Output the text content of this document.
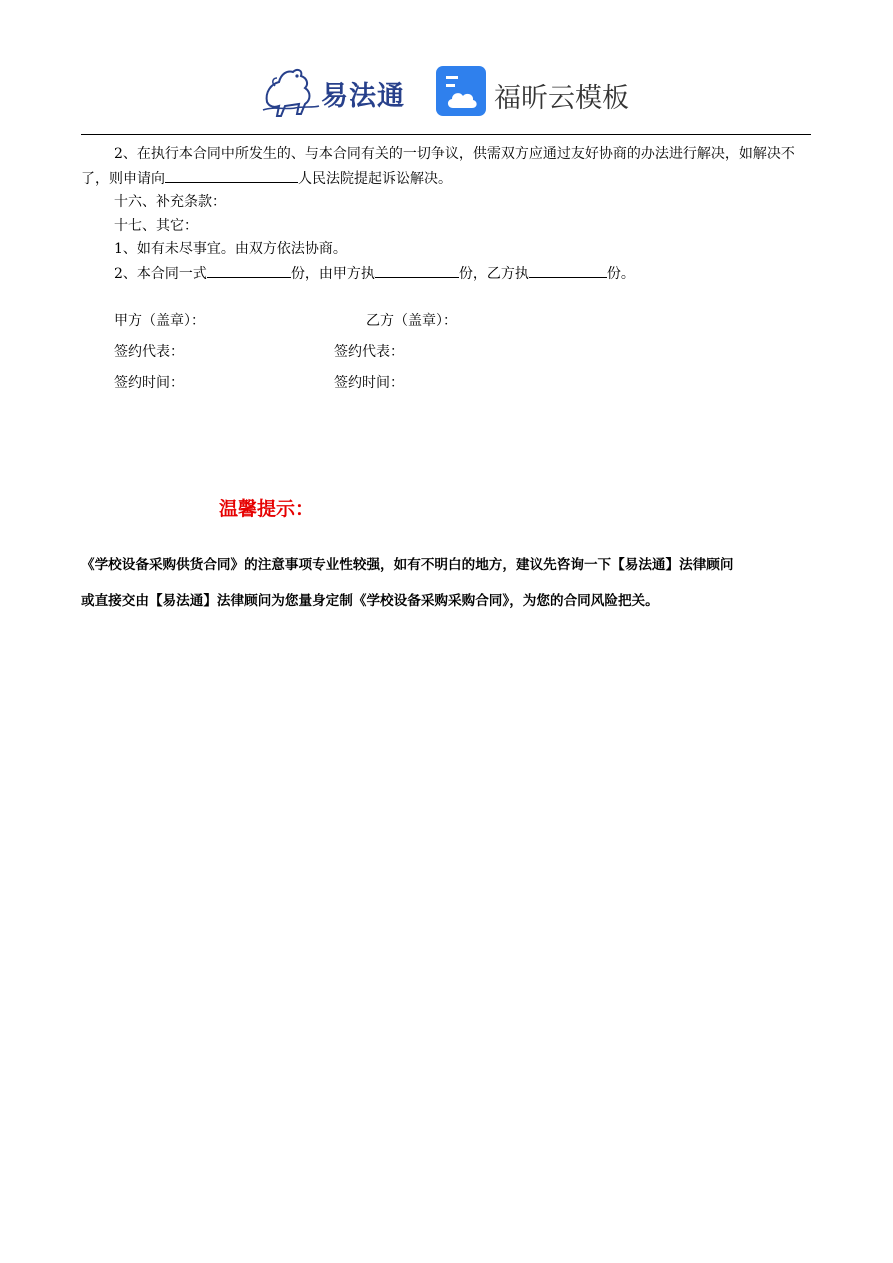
易法通	福昕云模板

2、在执行本合同中所发生的、与本合同有关的一切争议，供需双方应通过友好协商的办法进行解决，如解决不了，则申请向	人民法院提起诉讼解决。

十六、补充条款：

十七、其它：

1、如有未尽事宜。由双方依法协商。

2、本合同一式	份，由甲方执	份，乙方执	份。

甲方（盖章）：	乙方（盖章）：
签约代表：	签约代表：
签约时间：	签约时间：
温馨提示：
《学校设备采购供货合同》的注意事项专业性较强，如有不明白的地方，建议先咨询一下【易法通】法律顾问
或直接交由【易法通】法律顾问为您量身定制《学校设备采购采购合同》，为您的合同风险把关。
